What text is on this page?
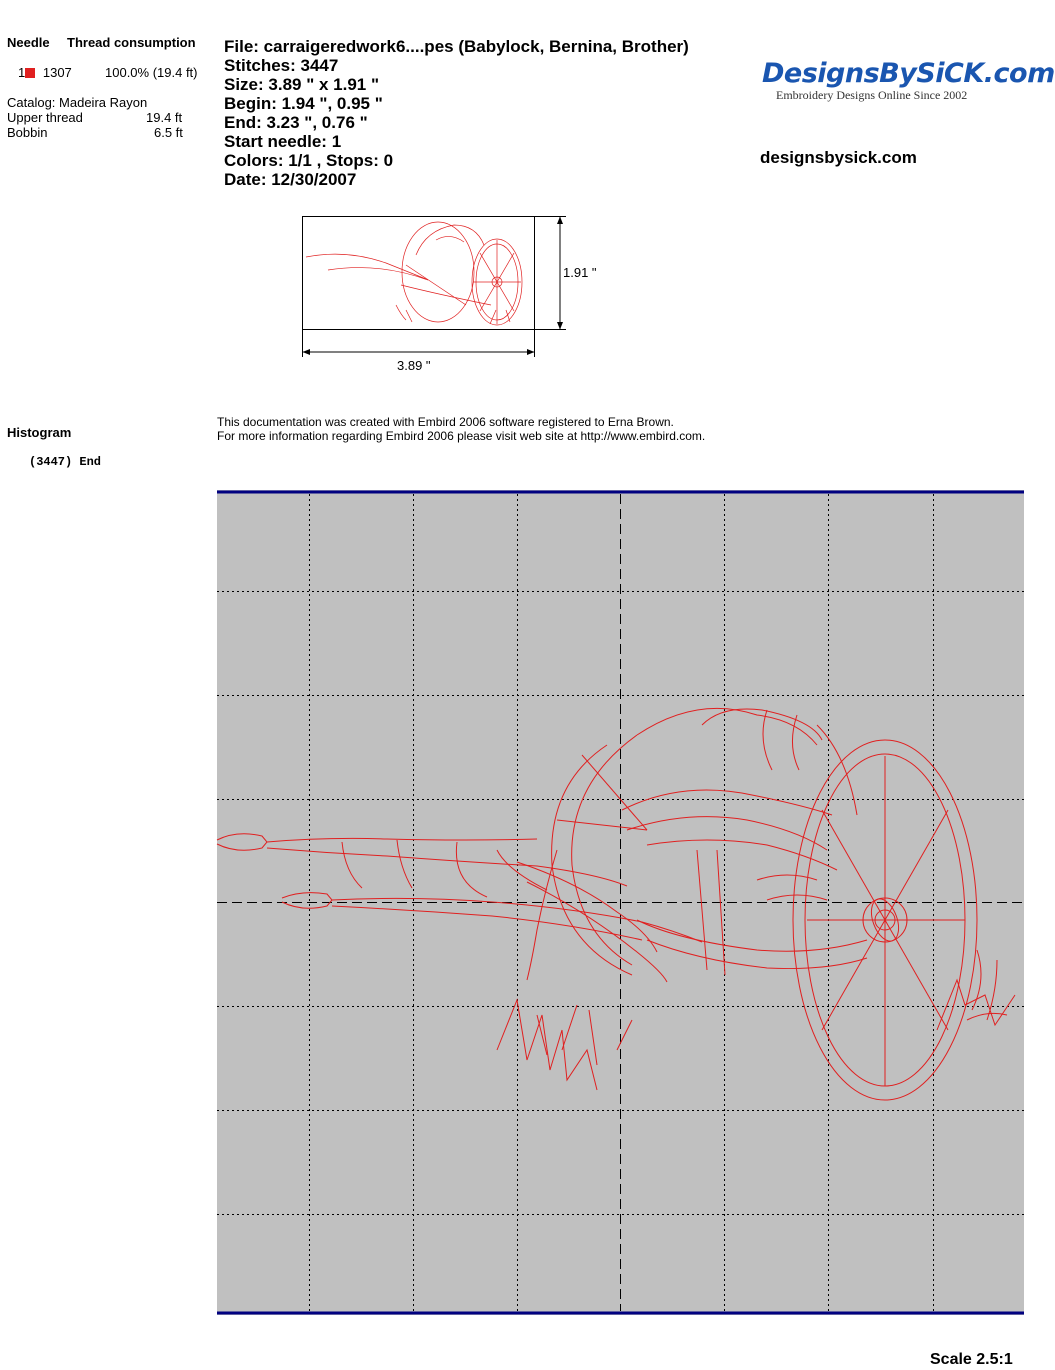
Needle Thread consumption
1 1307	100.0% (19.4 ft)
Catalog: Madeira Rayon
Upper thread	19.4 ft
Bobbin	6.5 ft
File: carraigeredwork6....pes (Babylock, Bernina, Brother)
Stitches: 3447
Size: 3.89 " x 1.91 "
Begin: 1.94 ", 0.95 "
End: 3.23 ", 0.76 "
Start needle: 1
Colors: 1/1 , Stops: 0
Date: 12/30/2007
DesignsBySiCK.com
Embroidery Designs Online Since 2002
designsbysick.com
1.91 "
3.89 "
Histogram
(3447) End
This documentation was created with Embird 2006 software registered to Erna Brown.
For more information regarding Embird 2006 please visit web site at http://www.embird.com.
Scale 2.5:1
